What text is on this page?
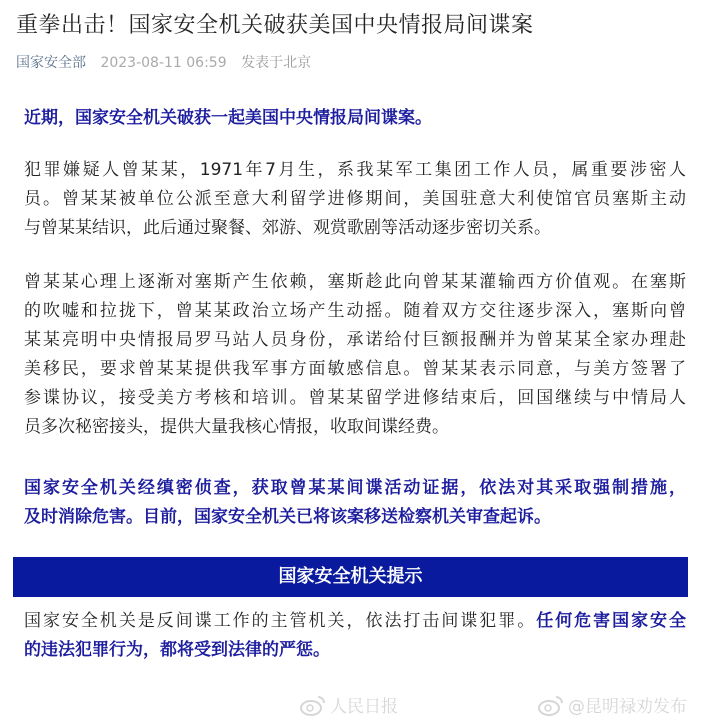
重拳出击！国家安全机关破获美国中央情报局间谍案
国家安全部 2023-08-11 06:59 发表于北京
近期，国家安全机关破获一起美国中央情报局间谍案。
犯罪嫌疑人曾某某，1971年7月生，系我某军工集团工作人员，属重要涉密人
员。曾某某被单位公派至意大利留学进修期间，美国驻意大利使馆官员塞斯主动
与曾某某结识，此后通过聚餐、郊游、观赏歌剧等活动逐步密切关系。
曾某某心理上逐渐对塞斯产生依赖，塞斯趁此向曾某某灌输西方价值观。在塞斯
的吹嘘和拉拢下，曾某某政治立场产生动摇。随着双方交往逐步深入，塞斯向曾
某某亮明中央情报局罗马站人员身份，承诺给付巨额报酬并为曾某某全家办理赴
美移民，要求曾某某提供我军事方面敏感信息。曾某某表示同意，与美方签署了
参谍协议，接受美方考核和培训。曾某某留学进修结束后，回国继续与中情局人
员多次秘密接头，提供大量我核心情报，收取间谍经费。
国家安全机关经缜密侦查，获取曾某某间谍活动证据，依法对其采取强制措施，
及时消除危害。目前，国家安全机关已将该案移送检察机关审查起诉。
国家安全机关提示
国家安全机关是反间谍工作的主管机关，依法打击间谍犯罪。任何危害国家安全
的违法犯罪行为，都将受到法律的严惩。
人民日报	@昆明禄劝发布
